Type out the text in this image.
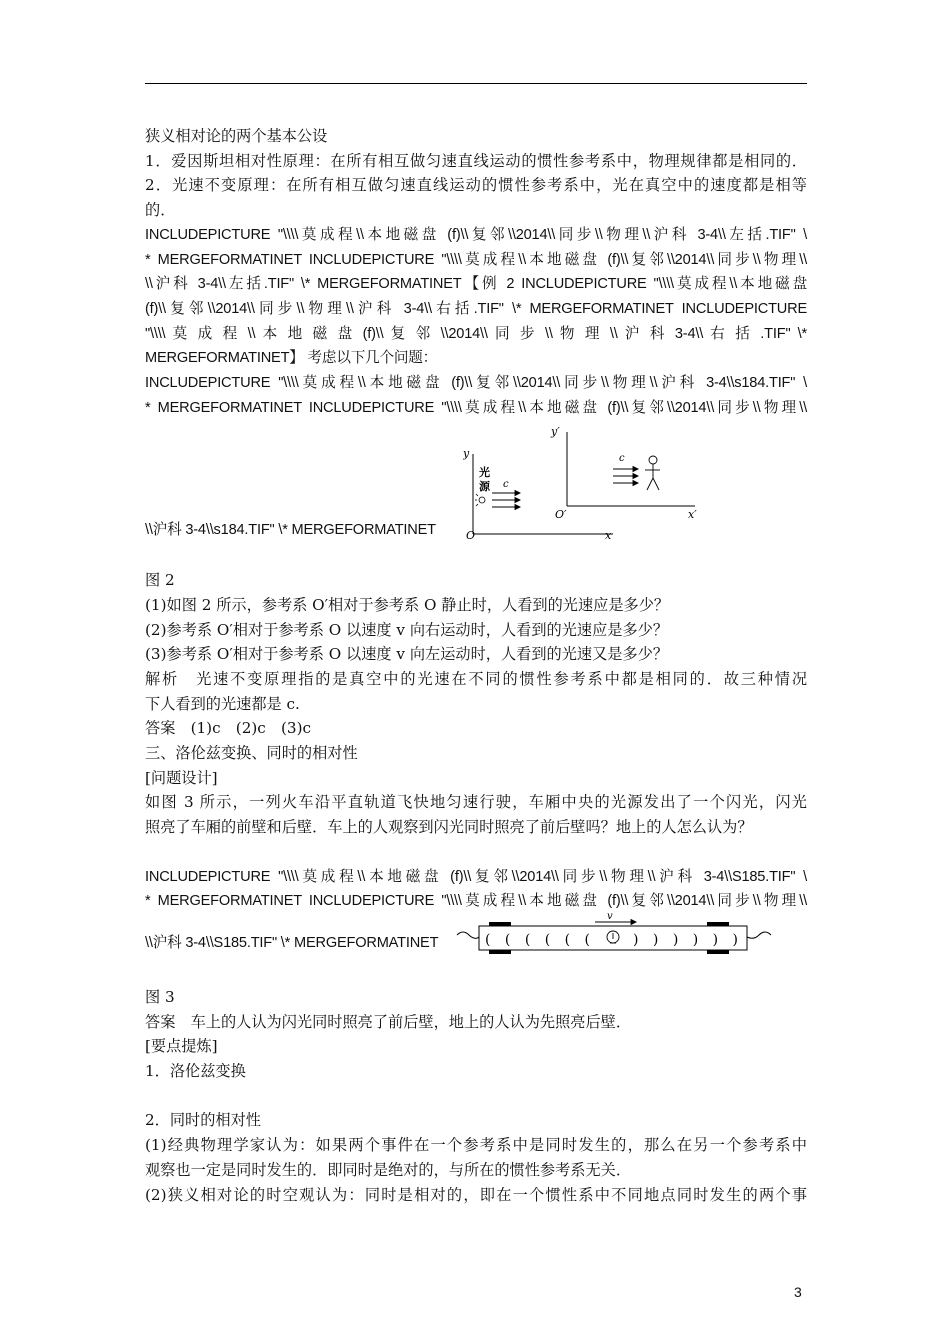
狭义相对论的两个基本公设

1．爱因斯坦相对性原理：在所有相互做匀速直线运动的惯性参考系中，物理规律都是相同的．

2．光速不变原理：在所有相互做匀速直线运动的惯性参考系中，光在真空中的速度都是相等

的．

INCLUDEPICTURE "\\\\莫成程\\本地磁盘 (f)\\复邻\\2014\\同步\\物理\\沪科 3-4\\左括.TIF" \

* MERGEFORMATINET INCLUDEPICTURE "\\\\莫成程\\本地磁盘 (f)\\复邻\\2014\\同步\\物理\\

\\沪科 3-4\\左括.TIF" \* MERGEFORMATINET【例 2 INCLUDEPICTURE "\\\\莫成程\\本地磁盘

(f)\\复邻\\2014\\同步\\物理\\沪科 3-4\\右括.TIF" \* MERGEFORMATINET INCLUDEPICTURE

"\\\\ 莫 成 程 \\ 本 地 磁 盘 (f)\\ 复 邻 \\2014\\ 同 步 \\ 物 理 \\ 沪 科 3-4\\ 右 括 .TIF" \*

MERGEFORMATINET】 考虑以下几个问题：

INCLUDEPICTURE "\\\\莫成程\\本地磁盘 (f)\\复邻\\2014\\同步\\物理\\沪科 3-4\\s184.TIF" \

* MERGEFORMATINET INCLUDEPICTURE "\\\\莫成程\\本地磁盘 (f)\\复邻\\2014\\同步\\物理\\

y
O	x
光
源 c
y′
O′	x′
c

\\沪科 3-4\\s184.TIF" \* MERGEFORMATINET

图 2

(1)如图 2 所示，参考系 O′相对于参考系 O 静止时，人看到的光速应是多少？

(2)参考系 O′相对于参考系 O 以速度 v 向右运动时，人看到的光速应是多少？

(3)参考系 O′相对于参考系 O 以速度 v 向左运动时，人看到的光速又是多少？

解析　光速不变原理指的是真空中的光速在不同的惯性参考系中都是相同的．故三种情况

下人看到的光速都是 c.

答案　(1)c　(2)c　(3)c

三、洛伦兹变换、同时的相对性

[问题设计]

如图 3 所示，一列火车沿平直轨道飞快地匀速行驶，车厢中央的光源发出了一个闪光，闪光

照亮了车厢的前壁和后壁．车上的人观察到闪光同时照亮了前后壁吗？地上的人怎么认为？

INCLUDEPICTURE "\\\\莫成程\\本地磁盘 (f)\\复邻\\2014\\同步\\物理\\沪科 3-4\\S185.TIF" \

* MERGEFORMATINET INCLUDEPICTURE "\\\\莫成程\\本地磁盘 (f)\\复邻\\2014\\同步\\物理\\

v
( ( ( ( ( (	) ) ) ) ) )

\\沪科 3-4\\S185.TIF" \* MERGEFORMATINET

图 3

答案　车上的人认为闪光同时照亮了前后壁，地上的人认为先照亮后壁．

[要点提炼]

1．洛伦兹变换

2．同时的相对性

(1)经典物理学家认为：如果两个事件在一个参考系中是同时发生的，那么在另一个参考系中

观察也一定是同时发生的．即同时是绝对的，与所在的惯性参考系无关．

(2)狭义相对论的时空观认为：同时是相对的，即在一个惯性系中不同地点同时发生的两个事

3
